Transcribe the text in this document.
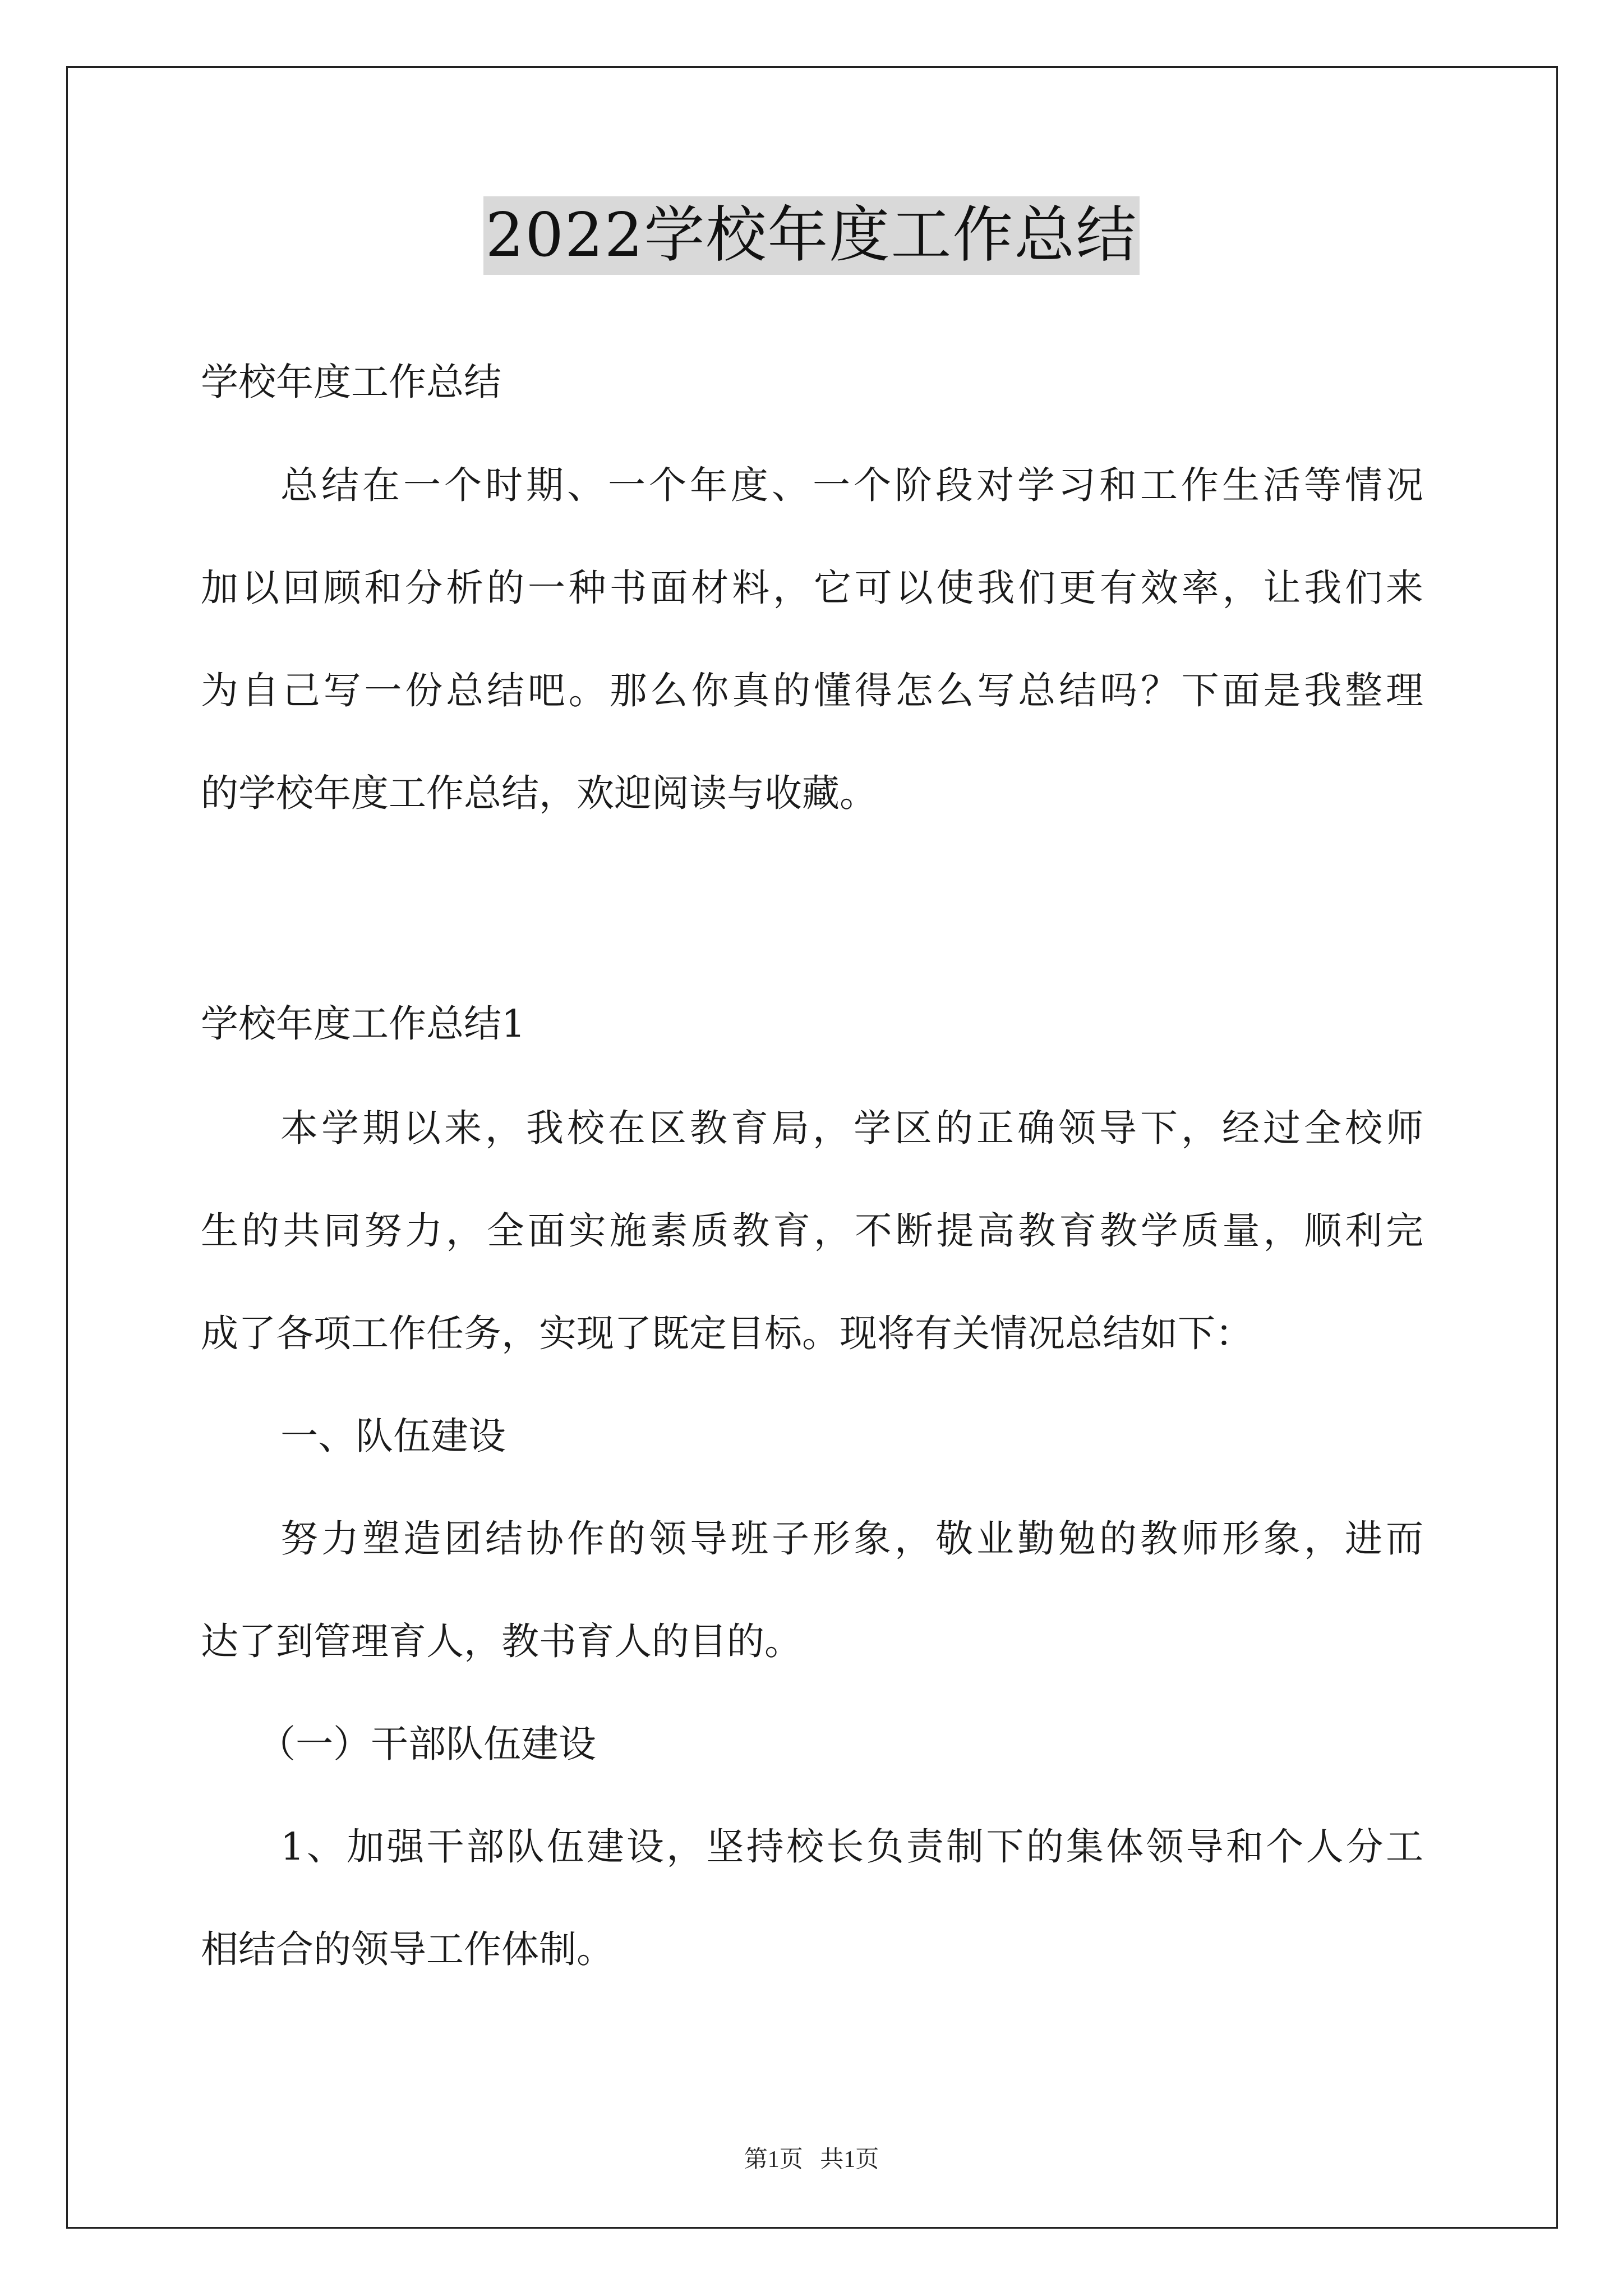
2022学校年度工作总结
学校年度工作总结
总结在一个时期、一个年度、一个阶段对学习和工作生活等情况
加以回顾和分析的一种书面材料，它可以使我们更有效率，让我们来
为自己写一份总结吧。那么你真的懂得怎么写总结吗？下面是我整理
的学校年度工作总结，欢迎阅读与收藏。
学校年度工作总结1
本学期以来，我校在区教育局，学区的正确领导下，经过全校师
生的共同努力，全面实施素质教育，不断提高教育教学质量，顺利完
成了各项工作任务，实现了既定目标。现将有关情况总结如下：
一、队伍建设
努力塑造团结协作的领导班子形象，敬业勤勉的教师形象，进而
达了到管理育人，教书育人的目的。
（一）干部队伍建设
1、加强干部队伍建设，坚持校长负责制下的集体领导和个人分工
相结合的领导工作体制。
第1页 共1页
